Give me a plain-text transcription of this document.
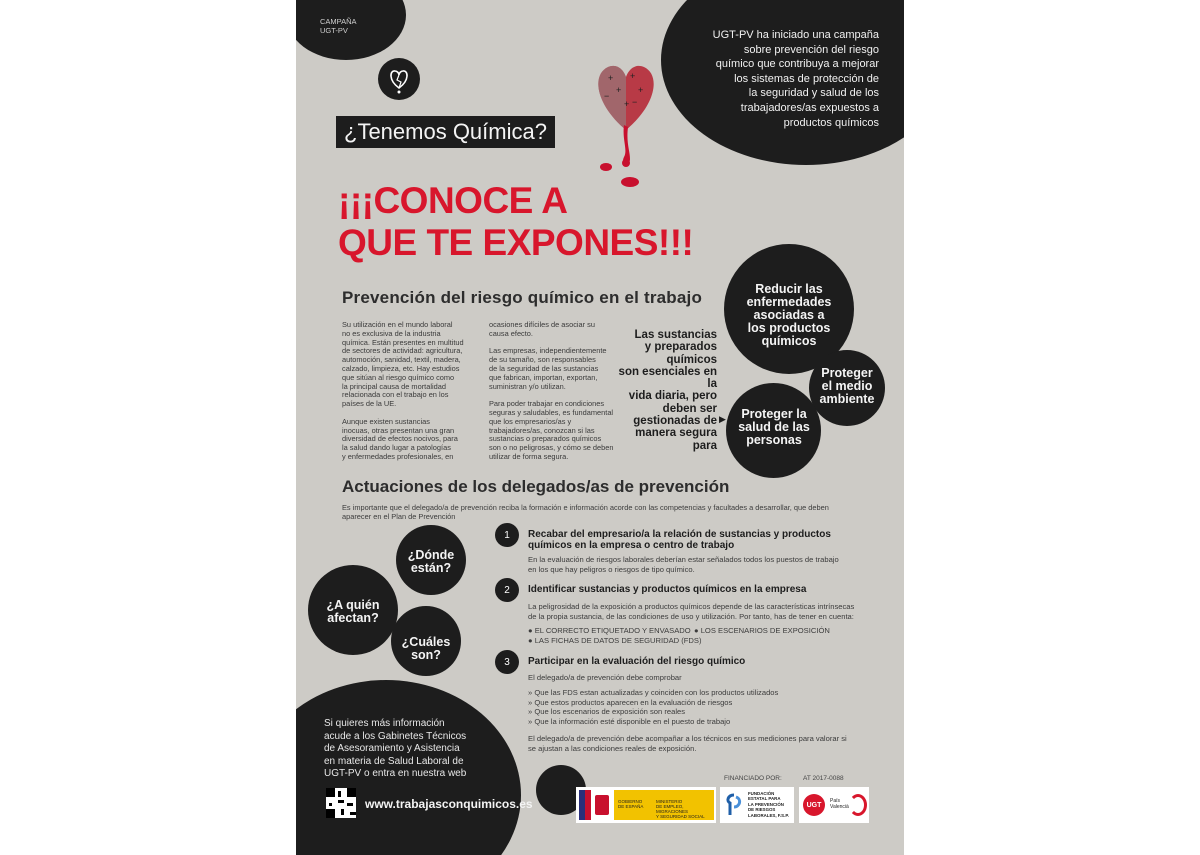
CAMPAÑA
UGT-PV
¿Tenemos Química?
+ +
+ +
−
+ −
UGT-PV ha iniciado una campaña
sobre prevención del riesgo
químico que contribuya a mejorar
los sistemas de protección de
la seguridad y salud de los
trabajadores/as expuestos a
productos químicos
¡¡¡CONOCE A
QUE TE EXPONES!!!
Prevención del riesgo químico en el trabajo
Su utilización en el mundo laboral
no es exclusiva de la industria
química. Están presentes en multitud
de sectores de actividad: agricultura,
automoción, sanidad, textil, madera,
calzado, limpieza, etc. Hay estudios
que sitúan al riesgo químico como
la principal causa de mortalidad
relacionada con el trabajo en los
países de la UE.
Aunque existen sustancias
inocuas, otras presentan una gran
diversidad de efectos nocivos, para
la salud dando lugar a patologías
y enfermedades profesionales, en
ocasiones difíciles de asociar su
causa efecto.
Las empresas, independientemente
de su tamaño, son responsables
de la seguridad de las sustancias
que fabrican, importan, exportan,
suministran y/o utilizan.
Para poder trabajar en condiciones
seguras y saludables, es fundamental
que los empresarios/as y
trabajadores/as, conozcan si las
sustancias o preparados químicos
son o no peligrosas, y cómo se deben
utilizar de forma segura.
Las sustancias
y preparados
químicos
son esenciales en la
vida diaria, pero
deben ser
gestionadas de
manera segura para
▶
Reducir las
enfermedades
asociadas a
los productos
químicos
Proteger
el medio
ambiente
Proteger la
salud de las
personas
Actuaciones de los delegados/as de prevención
Es importante que el delegado/a de prevención reciba la formación e información acorde con las competencias y facultades a desarrollar, que deben
aparecer en el Plan de Prevención
¿Dónde
están?
¿A quién
afectan?
¿Cuáles
son?
1	Recabar del empresario/a la relación de sustancias y productos
químicos en la empresa o centro de trabajo
En la evaluación de riesgos laborales deberían estar señalados todos los puestos de trabajo
en los que hay peligros o riesgos de tipo químico.
2	Identificar sustancias y productos químicos en la empresa
La peligrosidad de la exposición a productos químicos depende de las características intrínsecas
de la propia sustancia, de las condiciones de uso y utilización. Por tanto, has de tener en cuenta:
● EL CORRECTO ETIQUETADO Y ENVASADO ● LOS ESCENARIOS DE EXPOSICIÓN
● LAS FICHAS DE DATOS DE SEGURIDAD (FDS)
3	Participar en la evaluación del riesgo químico
El delegado/a de prevención debe comprobar
» Que las FDS estan actualizadas y coinciden con los productos utilizados
» Que estos productos aparecen en la evaluación de riesgos
» Que los escenarios de exposición son reales
» Que la información esté disponible en el puesto de trabajo
El delegado/a de prevención debe acompañar a los técnicos en sus mediciones para valorar si
se ajustan a las condiciones reales de exposición.
Si quieres más información
acude a los Gabinetes Técnicos
de Asesoramiento y Asistencia
en materia de Salud Laboral de
UGT-PV o entra en nuestra web
www.trabajasconquimicos.es
FINANCIADO POR:	AT 2017-0088
GOBIERNO
DE ESPAÑA
MINISTERIO
DE EMPLEO, MIGRACIONES
Y SEGURIDAD SOCIAL
FUNDACIÓN
ESTATAL PARA
LA PREVENCIÓN
DE RIESGOS
LABORALES, F.S.P.
UGT
País
Valencià
